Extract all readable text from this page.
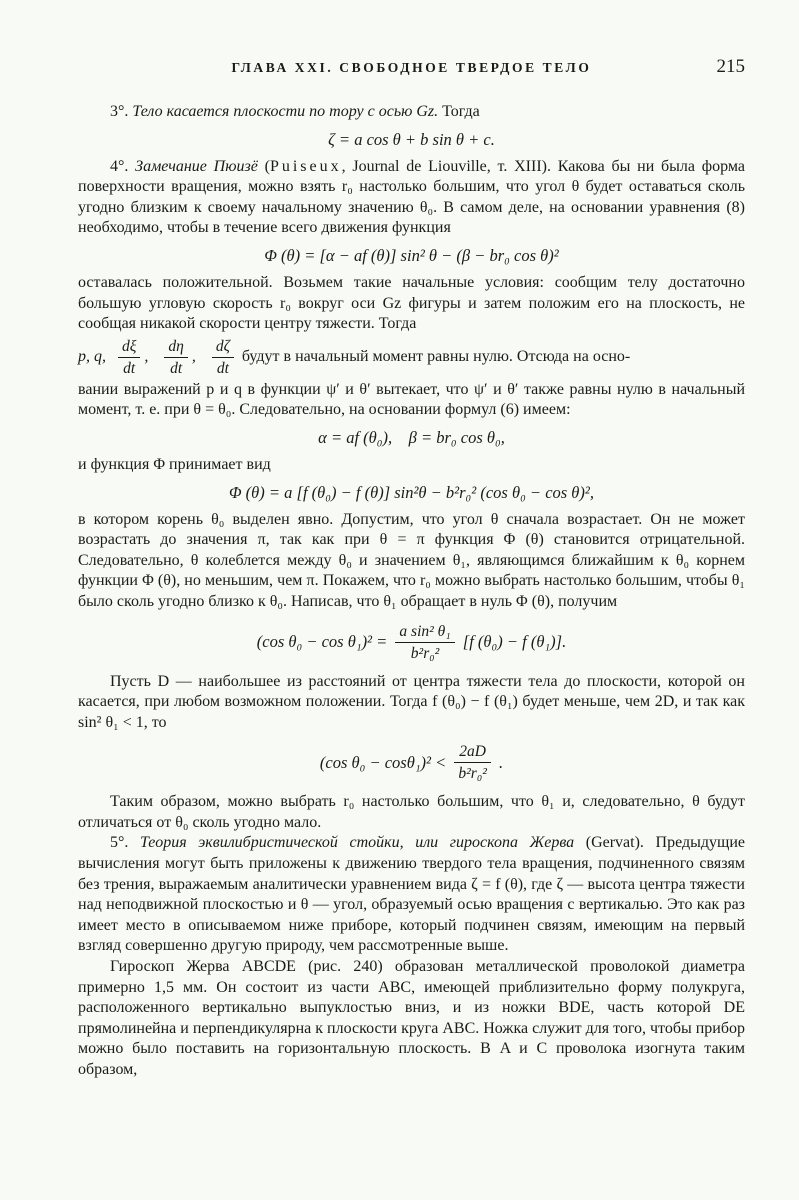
ГЛАВА XXI. СВОБОДНОЕ ТВЕРДОЕ ТЕЛО	215

3°. Тело касается плоскости по тору с осью Gz. Тогда

ζ = a cos θ + b sin θ + c.

4°. Замечание Пюизё (Puiseux, Journal de Liouville, т. XIII). Какова бы ни была форма поверхности вращения, можно взять r₀ настолько большим, что угол θ будет оставаться сколь угодно близким к своему начальному значению θ₀. В самом деле, на основании уравнения (8) необходимо, чтобы в течение всего движения функция

Φ (θ) = [α − af (θ)] sin² θ − (β − br₀ cos θ)²

оставалась положительной. Возьмем такие начальные условия: сообщим телу достаточно большую угловую скорость r₀ вокруг оси Gz фигуры и затем положим его на плоскость, не сообщая никакой скорости центру тяжести. Тогда

p, q, $\frac{d\xi}{dt}$ , $\frac{d\eta}{dt}$ , $\frac{d\zeta}{dt}$ будут в начальный момент равны нулю. Отсюда на осно-

вании выражений p и q в функции ψ′ и θ′ вытекает, что ψ′ и θ′ также равны нулю в начальный момент, т. е. при θ = θ₀. Следовательно, на основании формул (6) имеем:

α = af (θ₀),    β = br₀ cos θ₀,

и функция Φ принимает вид

Φ (θ) = a [f (θ₀) − f (θ)] sin²θ − b²r₀² (cos θ₀ − cos θ)²,

в котором корень θ₀ выделен явно. Допустим, что угол θ сначала возрастает. Он не может возрастать до значения π, так как при θ = π функция Φ (θ) становится отрицательной. Следовательно, θ колеблется между θ₀ и значением θ₁, являющимся ближайшим к θ₀ корнем функции Φ (θ), но меньшим, чем π. Покажем, что r₀ можно выбрать настолько большим, чтобы θ₁ было сколь угодно близко к θ₀. Написав, что θ₁ обращает в нуль Φ (θ), получим

(cos $\theta_0 - \cos \theta_1)^2 = \frac{\text{a sin² θ₁}}{\text{b²r₀²}} [f$ (θ₀) − f (θ₁)].

Пусть D — наибольшее из расстояний от центра тяжести тела до плоскости, которой он касается, при любом возможном положении. Тогда f (θ₀) − f (θ₁) будет меньше, чем 2D, и так как sin² θ₁ < 1, то

(cos $\theta_0 - \cos\theta_1)^2 < \frac{2aD}{\text{b²r₀²}}$ .

Таким образом, можно выбрать r₀ настолько большим, что θ₁ и, следовательно, θ будут отличаться от θ₀ сколь угодно мало.

5°. Теория эквилибристической стойки, или гироскопа Жерва (Gervat). Предыдущие вычисления могут быть приложены к движению твердого тела вращения, подчиненного связям без трения, выражаемым аналитически уравнением вида ζ = f (θ), где ζ — высота центра тяжести над неподвижной плоскостью и θ — угол, образуемый осью вращения с вертикалью. Это как раз имеет место в описываемом ниже приборе, который подчинен связям, имеющим на первый взгляд совершенно другую природу, чем рассмотренные выше.

Гироскоп Жерва ABCDE (рис. 240) образован металлической проволокой диаметра примерно 1,5 мм. Он состоит из части ABC, имеющей приблизительно форму полукруга, расположенного вертикально выпуклостью вниз, и из ножки BDE, часть которой DE прямолинейна и перпендикулярна к плоскости круга ABC. Ножка служит для того, чтобы прибор можно было поставить на горизонтальную плоскость. В A и C проволока изогнута таким образом,
